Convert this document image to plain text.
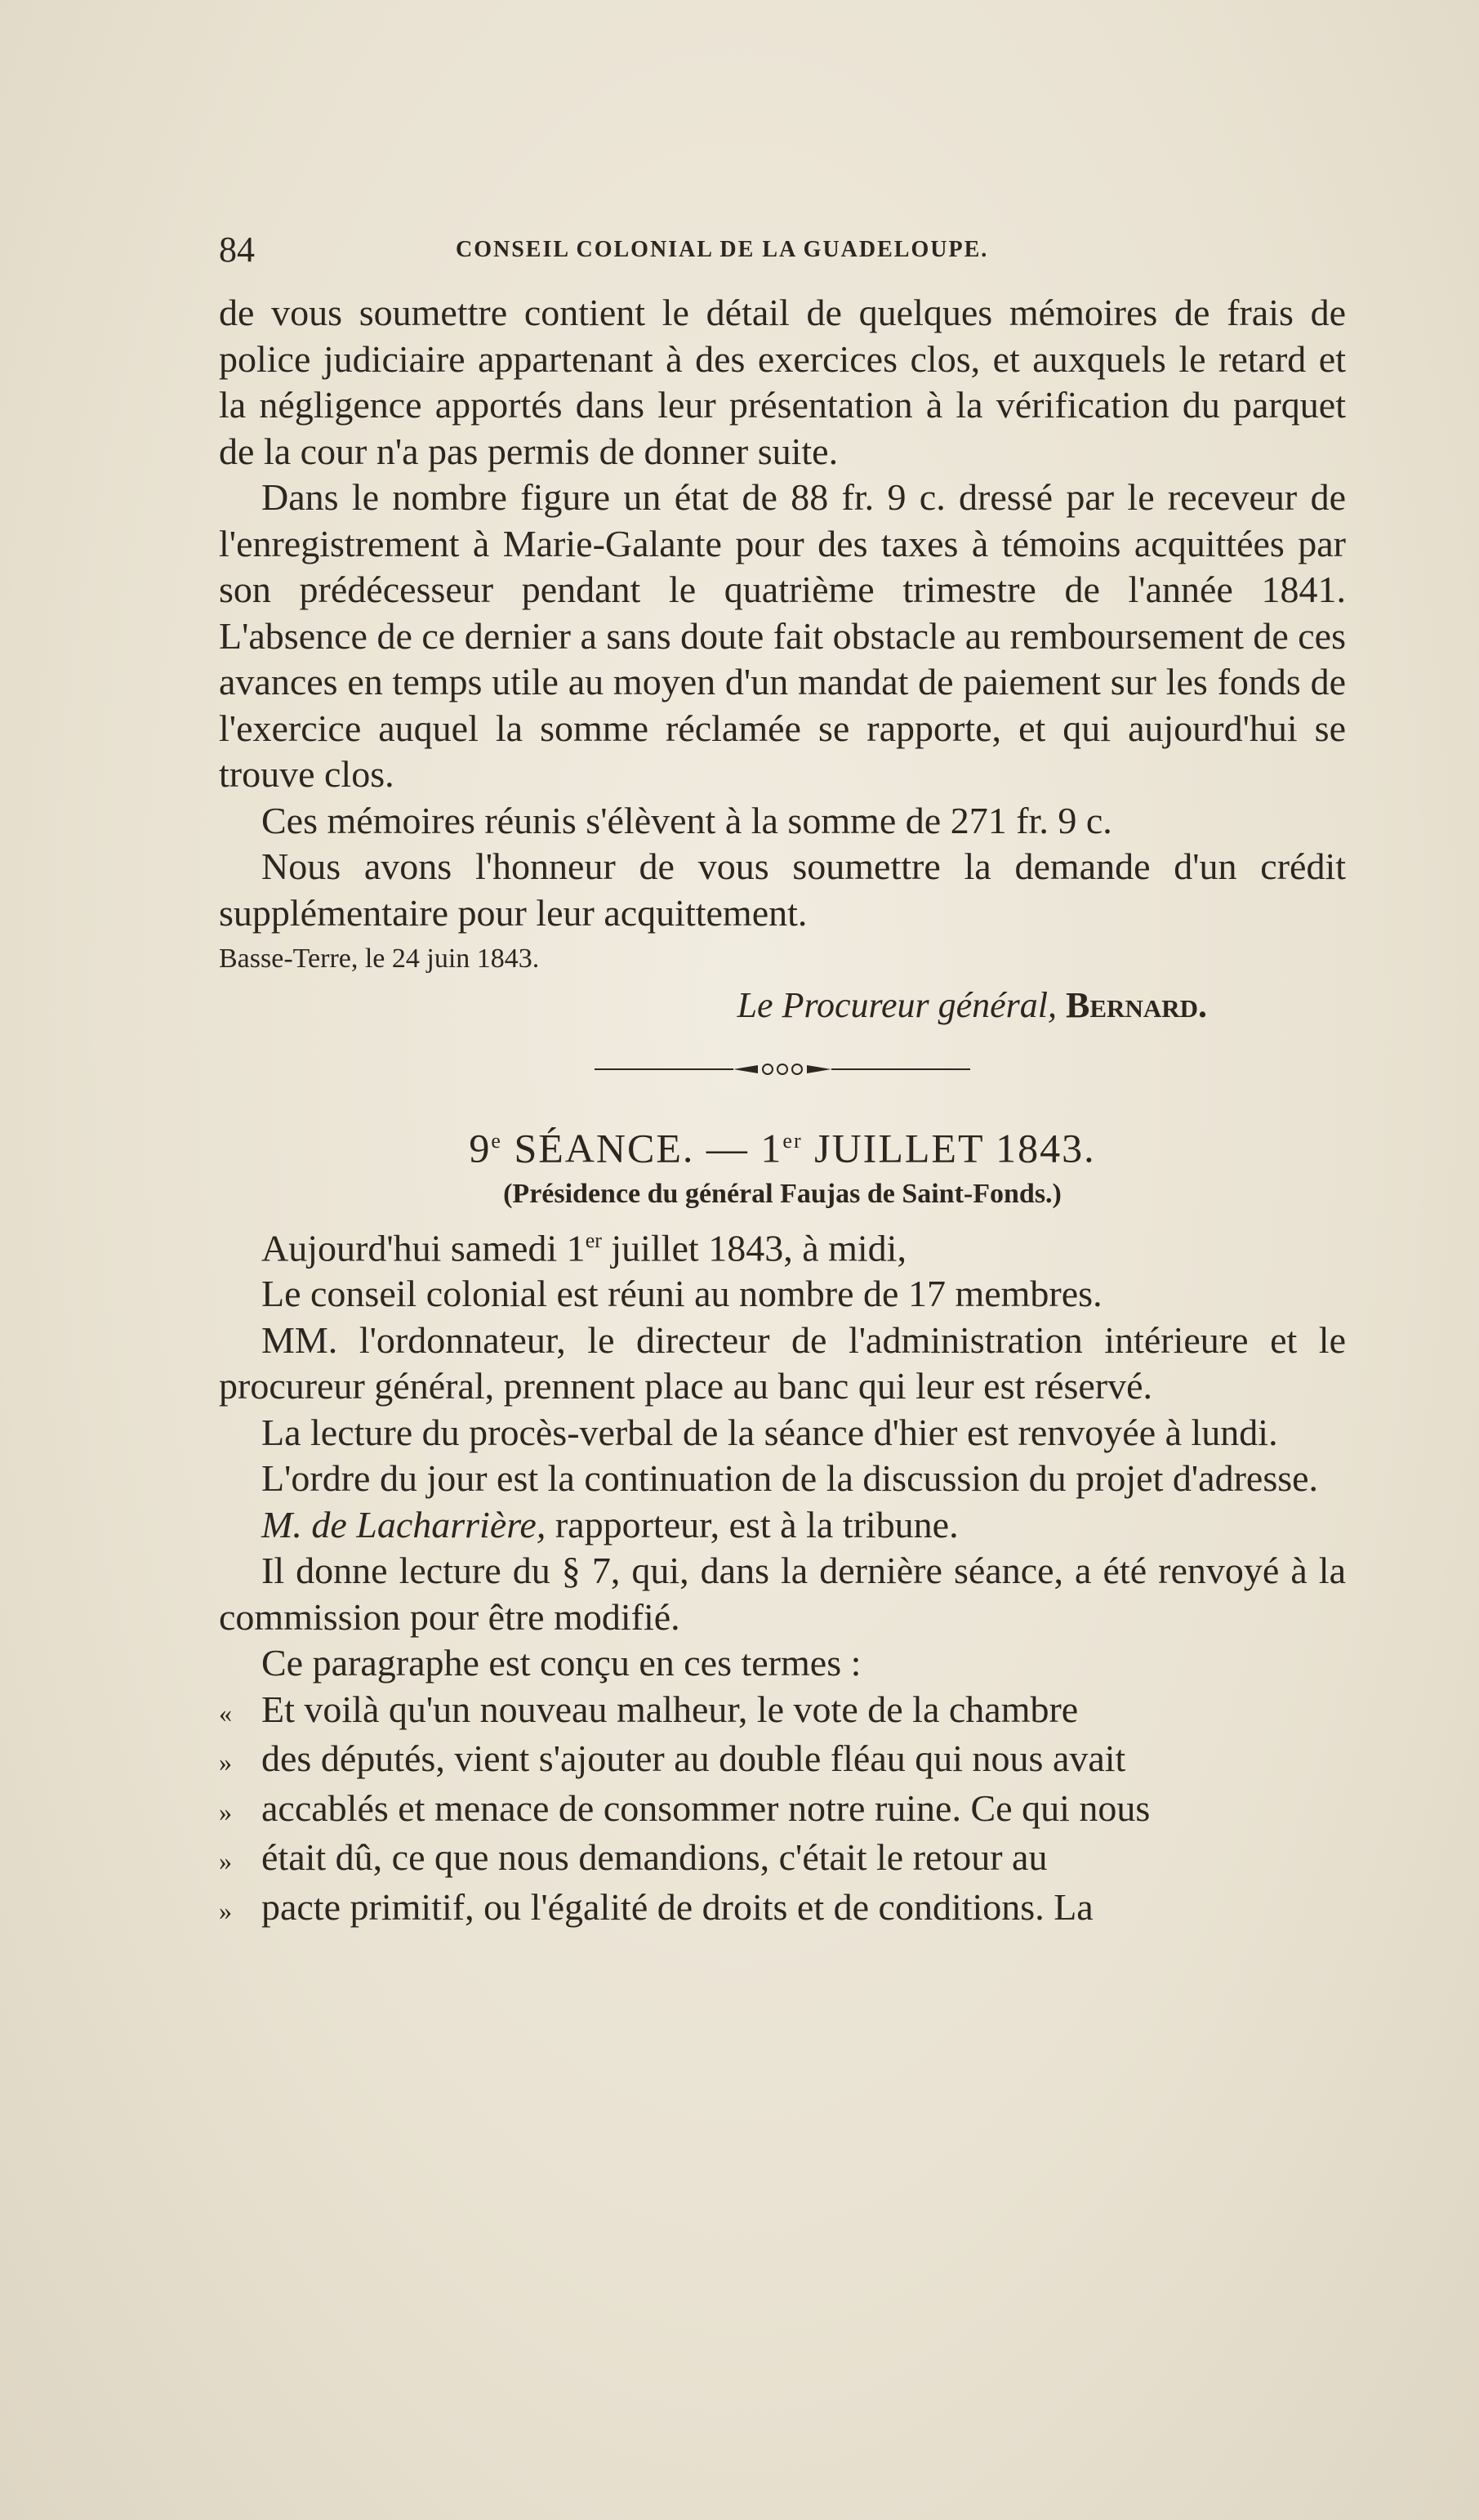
84	CONSEIL COLONIAL DE LA GUADELOUPE.

de vous soumettre contient le détail de quelques mémoires de frais de police judiciaire appartenant à des exercices clos, et auxquels le retard et la négligence apportés dans leur présentation à la vérification du parquet de la cour n'a pas permis de donner suite.

Dans le nombre figure un état de 88 fr. 9 c. dressé par le receveur de l'enregistrement à Marie-Galante pour des taxes à témoins acquittées par son prédécesseur pendant le quatrième trimestre de l'année 1841. L'absence de ce dernier a sans doute fait obstacle au remboursement de ces avances en temps utile au moyen d'un mandat de paiement sur les fonds de l'exercice auquel la somme réclamée se rapporte, et qui aujourd'hui se trouve clos.

Ces mémoires réunis s'élèvent à la somme de 271 fr. 9 c.

Nous avons l'honneur de vous soumettre la demande d'un crédit supplémentaire pour leur acquittement.

Basse-Terre, le 24 juin 1843.

Le Procureur général, Bernard.

9e SÉANCE. — 1er JUILLET 1843.

(Présidence du général Faujas de Saint-Fonds.)

Aujourd'hui samedi 1er juillet 1843, à midi,

Le conseil colonial est réuni au nombre de 17 membres.

MM. l'ordonnateur, le directeur de l'administration intérieure et le procureur général, prennent place au banc qui leur est réservé.

La lecture du procès-verbal de la séance d'hier est renvoyée à lundi.

L'ordre du jour est la continuation de la discussion du projet d'adresse.

M. de Lacharrière, rapporteur, est à la tribune.

Il donne lecture du § 7, qui, dans la dernière séance, a été renvoyé à la commission pour être modifié.

Ce paragraphe est conçu en ces termes :

« Et voilà qu'un nouveau malheur, le vote de la chambre

» des députés, vient s'ajouter au double fléau qui nous avait

» accablés et menace de consommer notre ruine. Ce qui nous

» était dû, ce que nous demandions, c'était le retour au

» pacte primitif, ou l'égalité de droits et de conditions. La
